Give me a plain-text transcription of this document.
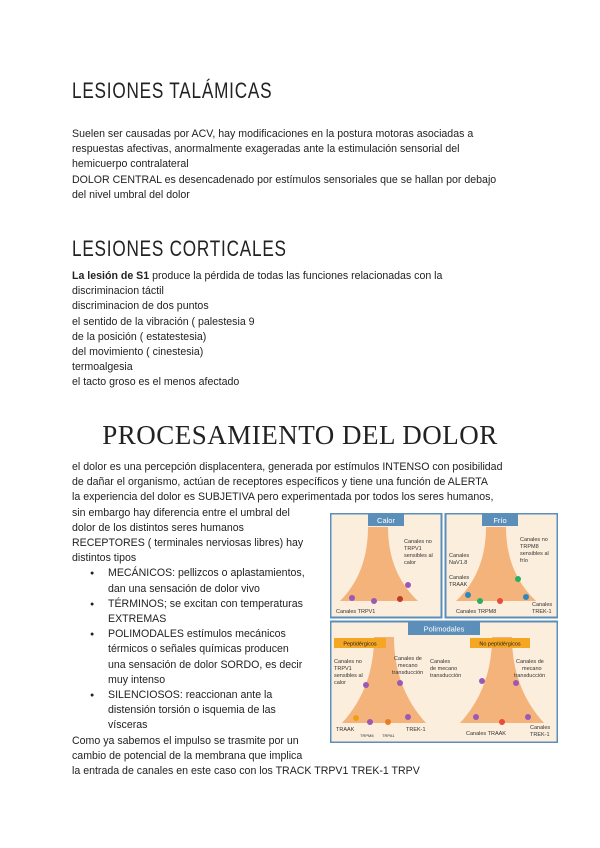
LESIONES TALÁMICAS

Suelen ser causadas por ACV, hay modificaciones en la postura motoras asociadas a

respuestas afectivas, anormalmente exageradas ante la estimulación sensorial del

hemicuerpo contralateral

DOLOR CENTRAL es desencadenado por estímulos sensoriales que se hallan por debajo

del nivel umbral del dolor

LESIONES CORTICALES

La lesión de S1 produce la pérdida de todas las funciones relacionadas con la

discriminacion táctil

discriminacion de dos puntos

el sentido de la vibración ( palestesia 9

de la posición ( estatestesia)

del movimiento ( cinestesia)

termoalgesia

el tacto groso es el menos afectado

PROCESAMIENTO DEL DOLOR

el dolor es una percepción displacentera, generada por estímulos INTENSO con posibilidad

de dañar el organismo, actúan de receptores específicos y tiene una función de ALERTA

la experiencia del dolor es SUBJETIVA pero experimentada por todos los seres humanos,

sin embargo hay diferencia entre el umbral del

dolor de los distintos seres humanos

RECEPTORES ( terminales nerviosas libres) hay

distintos tipos

● MECÁNICOS: pellizcos o aplastamientos,
dan una sensación de dolor vivo
● TÉRMINOS; se excitan con temperaturas
EXTREMAS
● POLIMODALES estímulos mecánicos
térmicos o señales químicas producen
una sensación de dolor SORDO, es decir
muy intenso
● SILENCIOSOS: reaccionan ante la
distensión torsión o isquemia de las
vísceras

Como ya sabemos el impulso se trasmite por un

cambio de potencial de la membrana que implica

la entrada de canales en este caso con los TRACK TRPV1 TREK-1 TRPV

Calor	Frío
Polimodales
Canales no TRPV1 sensibles al calor
Canales TRPV1
Canales NaV1.8 Canales TRAAK
Canales no TRPM8 sensibles al frío
Canales TRPM8
Canales TREK-1
Peptidérgicos	No peptidérgicos
Canales no TRPV1 sensibles al calor
Canales de mecano transducción
TRAAK	TREK-1
TRPM8 TRPA1
Canales de mecano transducción
Canales de mecano transducción
Canales TRAAK
Canales TREK-1
